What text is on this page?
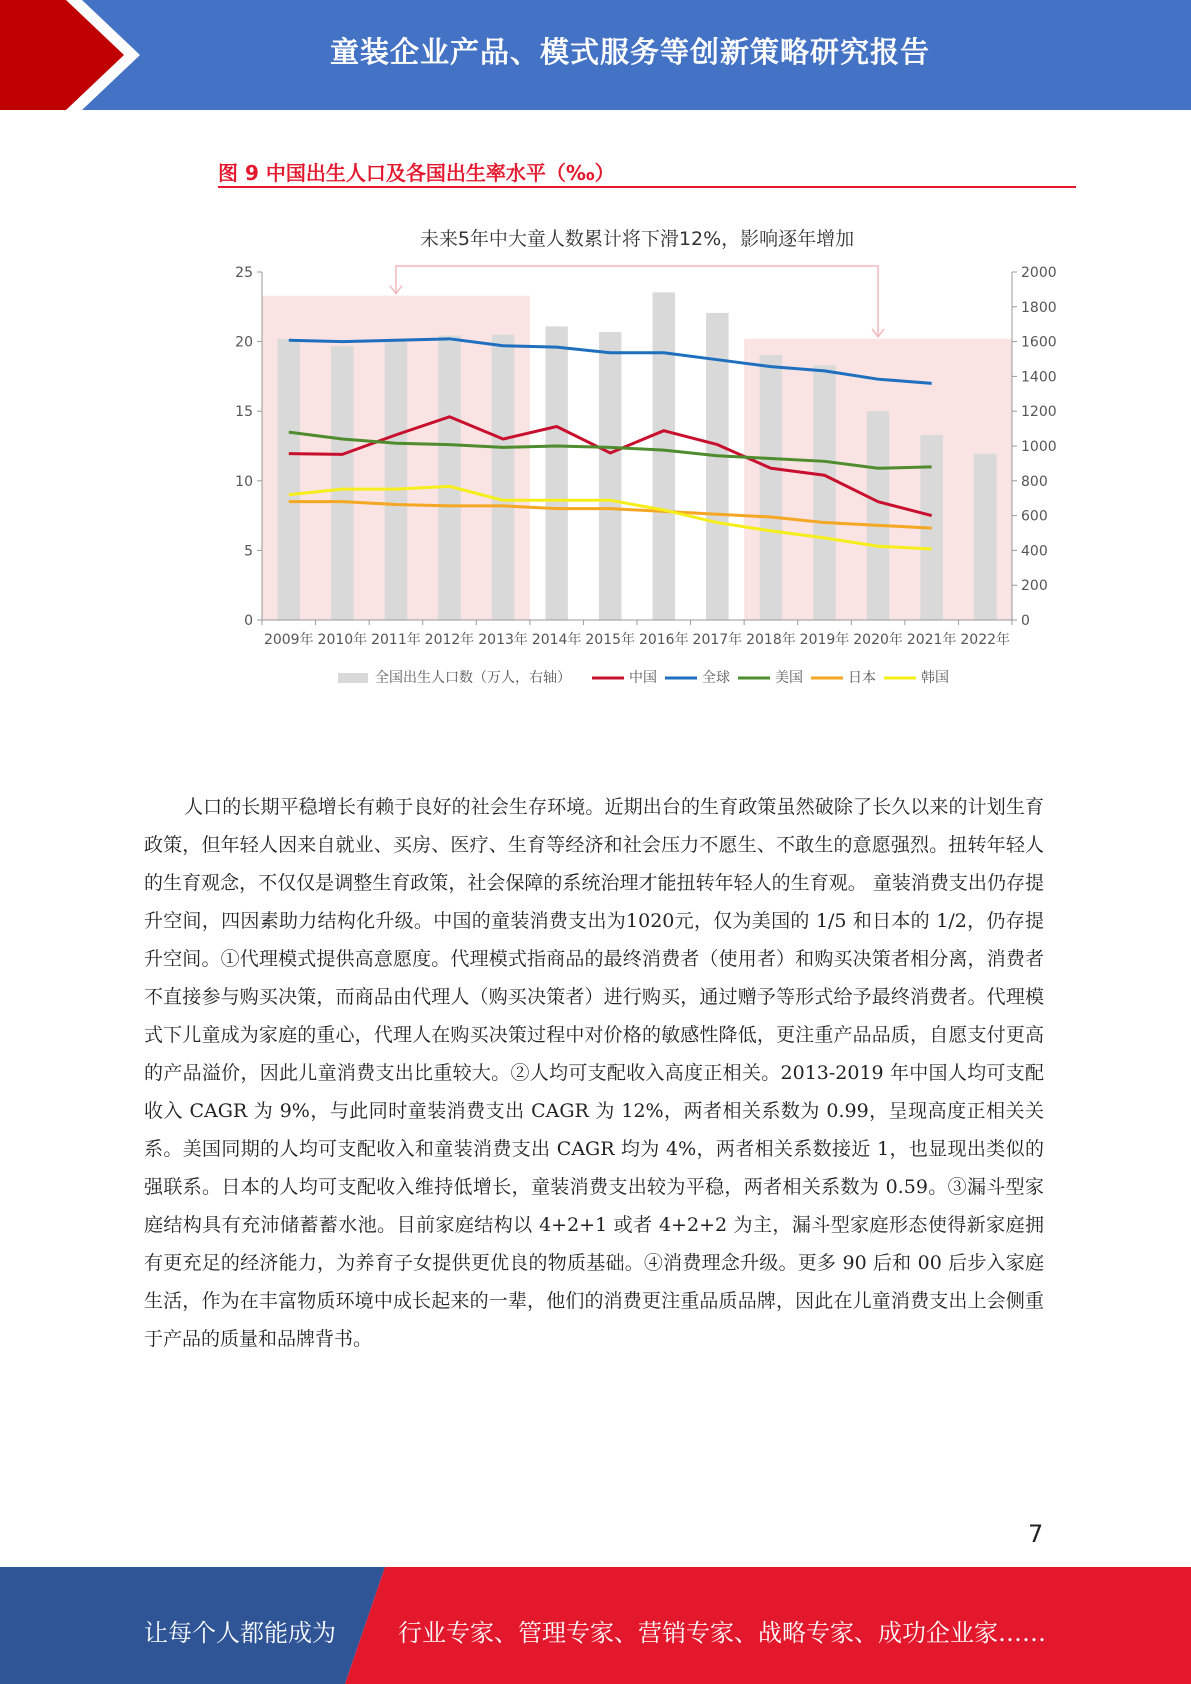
童装企业产品、模式服务等创新策略研究报告
图 9 中国出生人口及各国出生率水平（‰）
未来5年中大童人数累计将下滑12%，影响逐年增加
0
5
10
15
20
25
0
200
400
600
800
1000
1200
1400
1600
1800
2000
2009年 2010年 2011年 2012年 2013年 2014年 2015年 2016年 2017年 2018年 2019年 2020年 2021年 2022年
全国出生人口数（万人，右轴）	中国	全球	美国	日本	韩国

人口的长期平稳增长有赖于良好的社会生存环境。近期出台的生育政策虽然破除了长久以来的计划生育政策，但年轻人因来自就业、买房、医疗、生育等经济和社会压力不愿生、不敢生的意愿强烈。扭转年轻人的生育观念，不仅仅是调整生育政策，社会保障的系统治理才能扭转年轻人的生育观。 童装消费支出仍存提升空间，四因素助力结构化升级。中国的童装消费支出为1020元，仅为美国的 1/5 和日本的 1/2，仍存提升空间。①代理模式提供高意愿度。代理模式指商品的最终消费者（使用者）和购买决策者相分离，消费者不直接参与购买决策，而商品由代理人（购买决策者）进行购买，通过赠予等形式给予最终消费者。代理模式下儿童成为家庭的重心，代理人在购买决策过程中对价格的敏感性降低，更注重产品品质，自愿支付更高的产品溢价，因此儿童消费支出比重较大。②人均可支配收入高度正相关。2013-2019 年中国人均可支配收入 CAGR 为 9%，与此同时童装消费支出 CAGR 为 12%，两者相关系数为 0.99，呈现高度正相关关系。美国同期的人均可支配收入和童装消费支出 CAGR 均为 4%，两者相关系数接近 1，也显现出类似的强联系。日本的人均可支配收入维持低增长，童装消费支出较为平稳，两者相关系数为 0.59。③漏斗型家庭结构具有充沛储蓄蓄水池。目前家庭结构以 4+2+1 或者 4+2+2 为主，漏斗型家庭形态使得新家庭拥有更充足的经济能力，为养育子女提供更优良的物质基础。④消费理念升级。更多 90 后和 00 后步入家庭生活，作为在丰富物质环境中成长起来的一辈，他们的消费更注重品质品牌，因此在儿童消费支出上会侧重于产品的质量和品牌背书。

7
让每个人都能成为	行业专家、管理专家、营销专家、战略专家、成功企业家……
